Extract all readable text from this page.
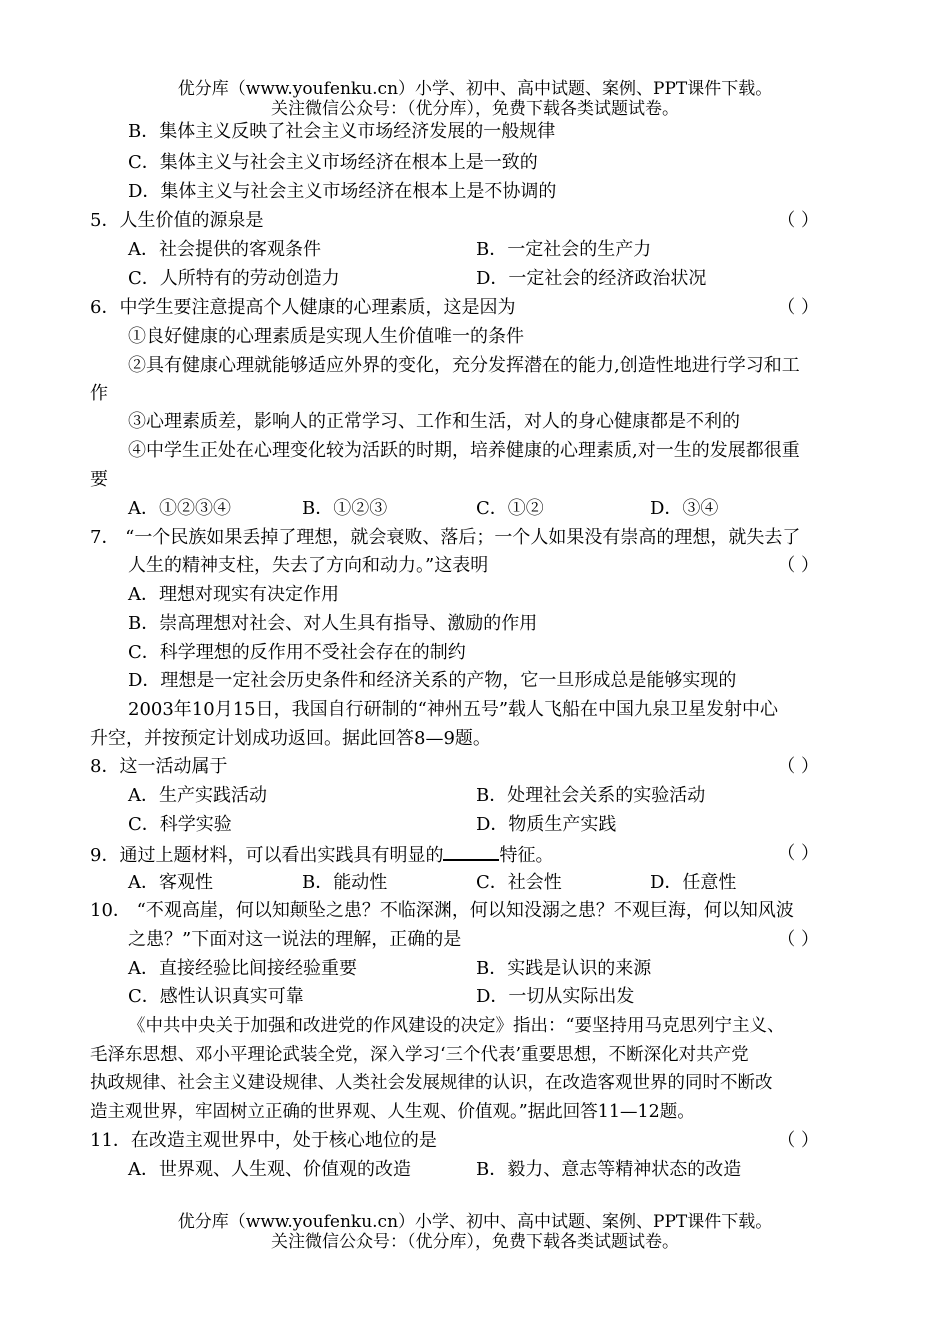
优分库（www.youfenku.cn）小学、初中、高中试题、案例、PPT课件下载。
关注微信公众号：（优分库），免费下载各类试题试卷。
B．集体主义反映了社会主义市场经济发展的一般规律
C．集体主义与社会主义市场经济在根本上是一致的
D．集体主义与社会主义市场经济在根本上是不协调的
5．人生价值的源泉是	（ ）
A．社会提供的客观条件	B．一定社会的生产力
C．人所特有的劳动创造力	D．一定社会的经济政治状况
6．中学生要注意提高个人健康的心理素质，这是因为	（ ）
①良好健康的心理素质是实现人生价值唯一的条件
②具有健康心理就能够适应外界的变化，充分发挥潜在的能力,创造性地进行学习和工
作
③心理素质差，影响人的正常学习、工作和生活，对人的身心健康都是不利的
④中学生正处在心理变化较为活跃的时期，培养健康的心理素质,对一生的发展都很重
要
A．①②③④	B．①②③	C．①②	D．③④
7． “一个民族如果丢掉了理想，就会衰败、落后；一个人如果没有崇高的理想，就失去了
人生的精神支柱，失去了方向和动力。”这表明	（ ）
A．理想对现实有决定作用
B．崇高理想对社会、对人生具有指导、激励的作用
C．科学理想的反作用不受社会存在的制约
D．理想是一定社会历史条件和经济关系的产物，它一旦形成总是能够实现的
2003年10月15日，我国自行研制的“神州五号”载人飞船在中国九泉卫星发射中心
升空，并按预定计划成功返回。据此回答8—9题。
8．这一活动属于	（ ）
A．生产实践活动	B．处理社会关系的实验活动
C．科学实验	D．物质生产实践
9．通过上题材料，可以看出实践具有明显的	特征。	（ ）
A．客观性	B．能动性	C．社会性	D．任意性
10． “不观高崖，何以知颠坠之患？不临深渊，何以知没溺之患？不观巨海，何以知风波
之患？”下面对这一说法的理解，正确的是	（ ）
A．直接经验比间接经验重要	B．实践是认识的来源
C．感性认识真实可靠	D．一切从实际出发
《中共中央关于加强和改进党的作风建设的决定》指出：“要坚持用马克思列宁主义、
毛泽东思想、邓小平理论武装全党，深入学习‘三个代表’重要思想，不断深化对共产党
执政规律、社会主义建设规律、人类社会发展规律的认识，在改造客观世界的同时不断改
造主观世界，牢固树立正确的世界观、人生观、价值观。”据此回答11—12题。
11．在改造主观世界中，处于核心地位的是	（ ）
A．世界观、人生观、价值观的改造	B．毅力、意志等精神状态的改造
优分库（www.youfenku.cn）小学、初中、高中试题、案例、PPT课件下载。
关注微信公众号：（优分库），免费下载各类试题试卷。
